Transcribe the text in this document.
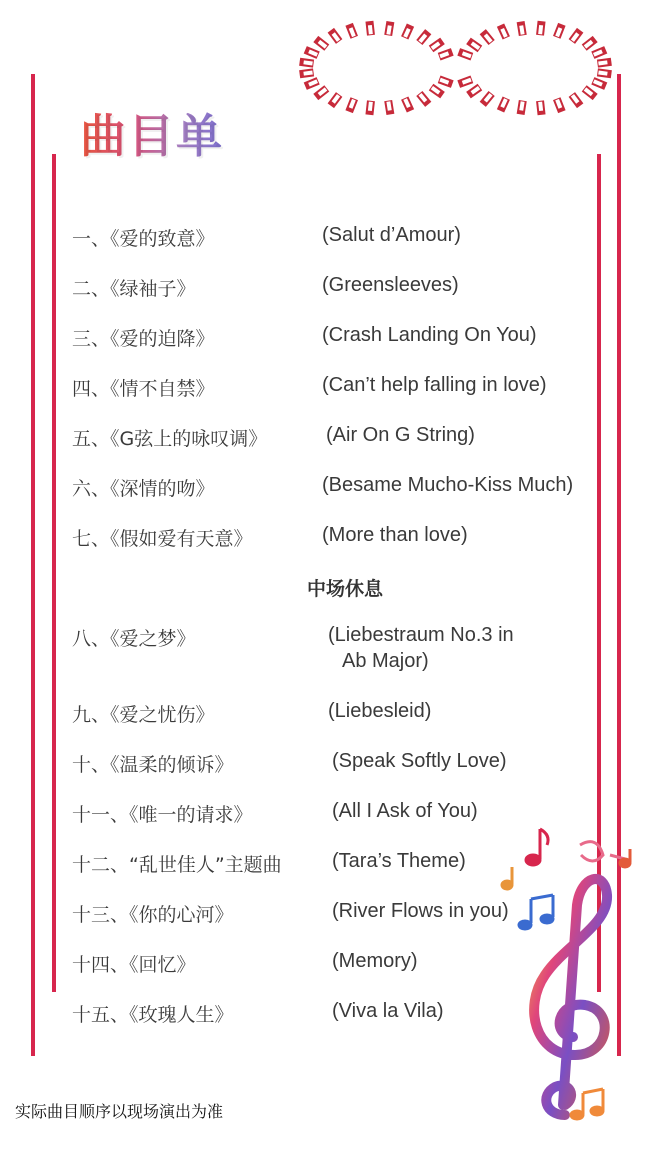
曲目单
一、《爱的致意》	(Salut d’Amour)
二、《绿袖子》	(Greensleeves)
三、《爱的迫降》	(Crash Landing On You)
四、《情不自禁》	(Can’t help falling in love)
五、《G弦上的咏叹调》	(Air On G String)
六、《深情的吻》	(Besame Mucho-Kiss Much)
七、《假如爱有天意》	(More than love)
中场休息
八、《爱之梦》	(Liebestraum No.3 in
Ab Major)
九、《爱之忧伤》	(Liebesleid)
十、《温柔的倾诉》	(Speak Softly Love)
十一、《唯一的请求》	(All I Ask of You)
十二、“乱世佳人”主题曲	(Tara’s Theme)
十三、《你的心河》	(River Flows in you)
十四、《回忆》	(Memory)
十五、《玫瑰人生》	(Viva la Vila)
实际曲目顺序以现场演出为准
